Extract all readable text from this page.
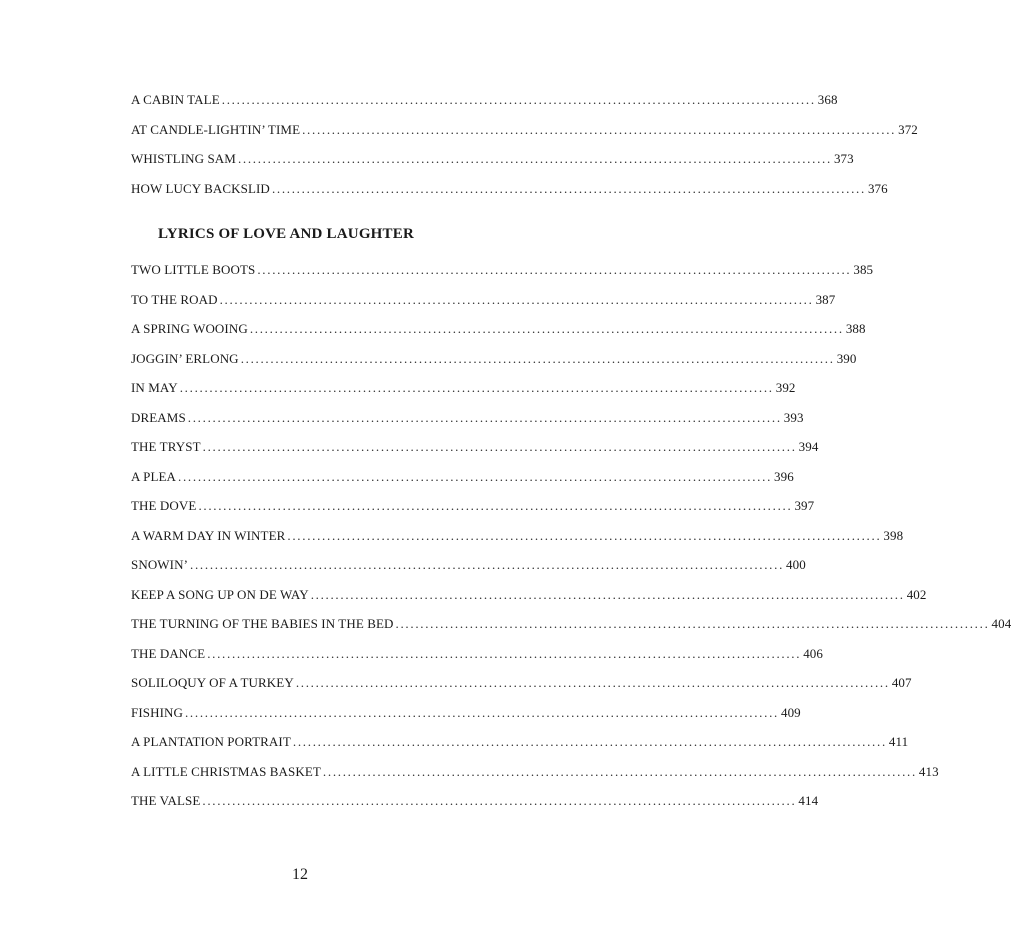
A CABIN TALE ........................................................................................................................ 368
AT CANDLE-LIGHTIN’ TIME ........................................................................................................................ 372
WHISTLING SAM ........................................................................................................................ 373
HOW LUCY BACKSLID ........................................................................................................................ 376
LYRICS OF LOVE AND LAUGHTER
TWO LITTLE BOOTS ........................................................................................................................ 385
TO THE ROAD ........................................................................................................................ 387
A SPRING WOOING ........................................................................................................................ 388
JOGGIN’ ERLONG ........................................................................................................................ 390
IN MAY ........................................................................................................................ 392
DREAMS ........................................................................................................................ 393
THE TRYST ........................................................................................................................ 394
A PLEA ........................................................................................................................ 396
THE DOVE ........................................................................................................................ 397
A WARM DAY IN WINTER ........................................................................................................................ 398
SNOWIN’ ........................................................................................................................ 400
KEEP A SONG UP ON DE WAY ........................................................................................................................ 402
THE TURNING OF THE BABIES IN THE BED ........................................................................................................................ 404
THE DANCE ........................................................................................................................ 406
SOLILOQUY OF A TURKEY ........................................................................................................................ 407
FISHING ........................................................................................................................ 409
A PLANTATION PORTRAIT ........................................................................................................................ 411
A LITTLE CHRISTMAS BASKET ........................................................................................................................ 413
THE VALSE ........................................................................................................................ 414
12
